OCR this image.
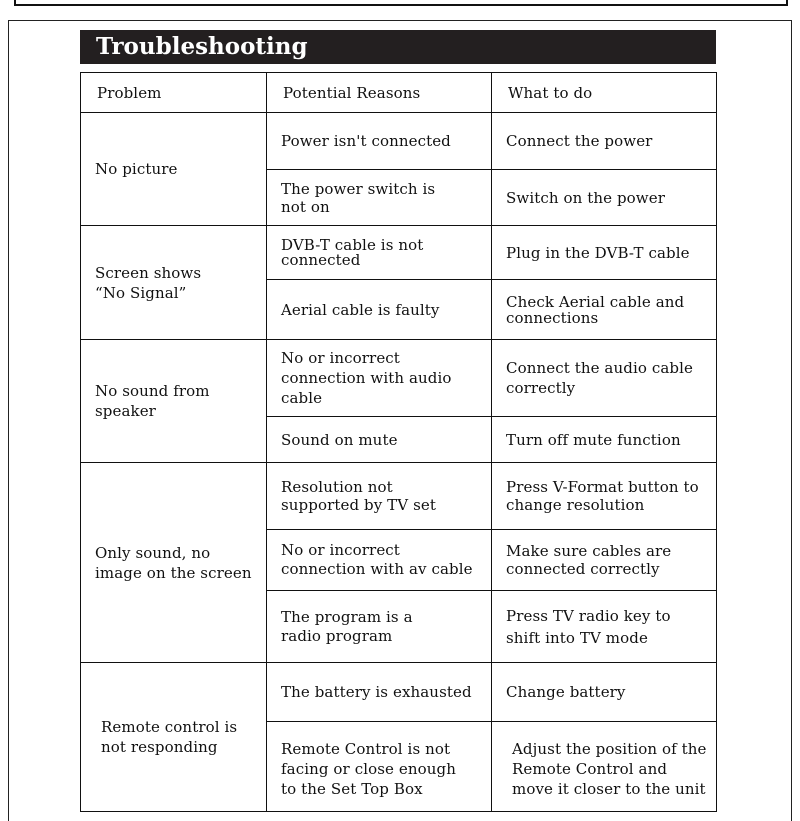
Troubleshooting
Problem	Potential Reasons	What to do
No picture	Power isn't connected	Connect the power
	The power switch is not on	Switch on the power
Screen shows “No Signal”	DVB-T cable is not connected	Plug in the DVB-T cable
	Aerial cable is faulty	Check Aerial cable and connections
No sound from speaker	No or incorrect connection with audio cable	Connect the audio cable correctly
	Sound on mute	Turn off mute function
Only sound, no image on the screen	Resolution not supported by TV set	Press V-Format button to change resolution
	No or incorrect connection with av cable	Make sure cables are connected correctly
	The program is a radio program	Press TV radio key to shift into TV mode
Remote control is not responding	The battery is exhausted	Change battery
	Remote Control is not facing or close enough to the Set Top Box	Adjust the position of the Remote Control and move it closer to the unit
